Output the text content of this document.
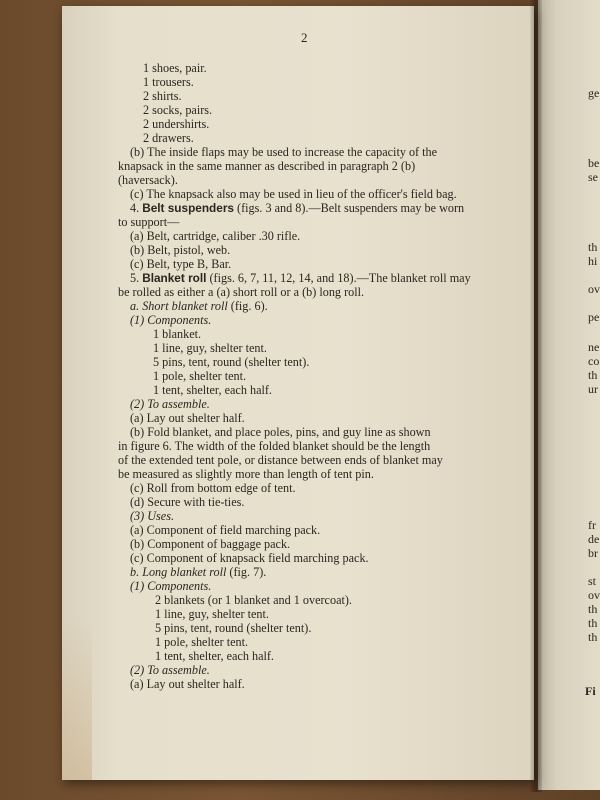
2
4. Belt suspenders (figs. 3 and 8).—Belt suspenders may be worn
5. Blanket roll (figs. 6, 7, 11, 12, 14, and 18).—The blanket roll may
a. Short blanket roll (fig. 6).
b. Long blanket roll (fig. 7).
1 shoes, pair.
1 trousers.
2 shirts.
2 socks, pairs.
2 undershirts.
2 drawers.
(b) The inside flaps may be used to increase the capacity of the
knapsack in the same manner as described in paragraph 2 (b)
(haversack).
(c) The knapsack also may be used in lieu of the officer's field bag.
to support—
(a) Belt, cartridge, caliber .30 rifle.
(b) Belt, pistol, web.
(c) Belt, type B, Bar.
be rolled as either a (a) short roll or a (b) long roll.
(1) Components.
1 blanket.
1 line, guy, shelter tent.
5 pins, tent, round (shelter tent).
1 pole, shelter tent.
1 tent, shelter, each half.
(2) To assemble.
(a) Lay out shelter half.
(b) Fold blanket, and place poles, pins, and guy line as shown
in figure 6. The width of the folded blanket should be the length
of the extended tent pole, or distance between ends of blanket may
be measured as slightly more than length of tent pin.
(c) Roll from bottom edge of tent.
(d) Secure with tie-ties.
(3) Uses.
(a) Component of field marching pack.
(b) Component of baggage pack.
(c) Component of knapsack field marching pack.
(1) Components.
2 blankets (or 1 blanket and 1 overcoat).
1 line, guy, shelter tent.
5 pins, tent, round (shelter tent).
1 pole, shelter tent.
1 tent, shelter, each half.
(2) To assemble.
(a) Lay out shelter half.
ge
be
se
th
hi
ov
pe
ne
co
th
ur
fr
de
br
st
ov
th
th
th
Fi
